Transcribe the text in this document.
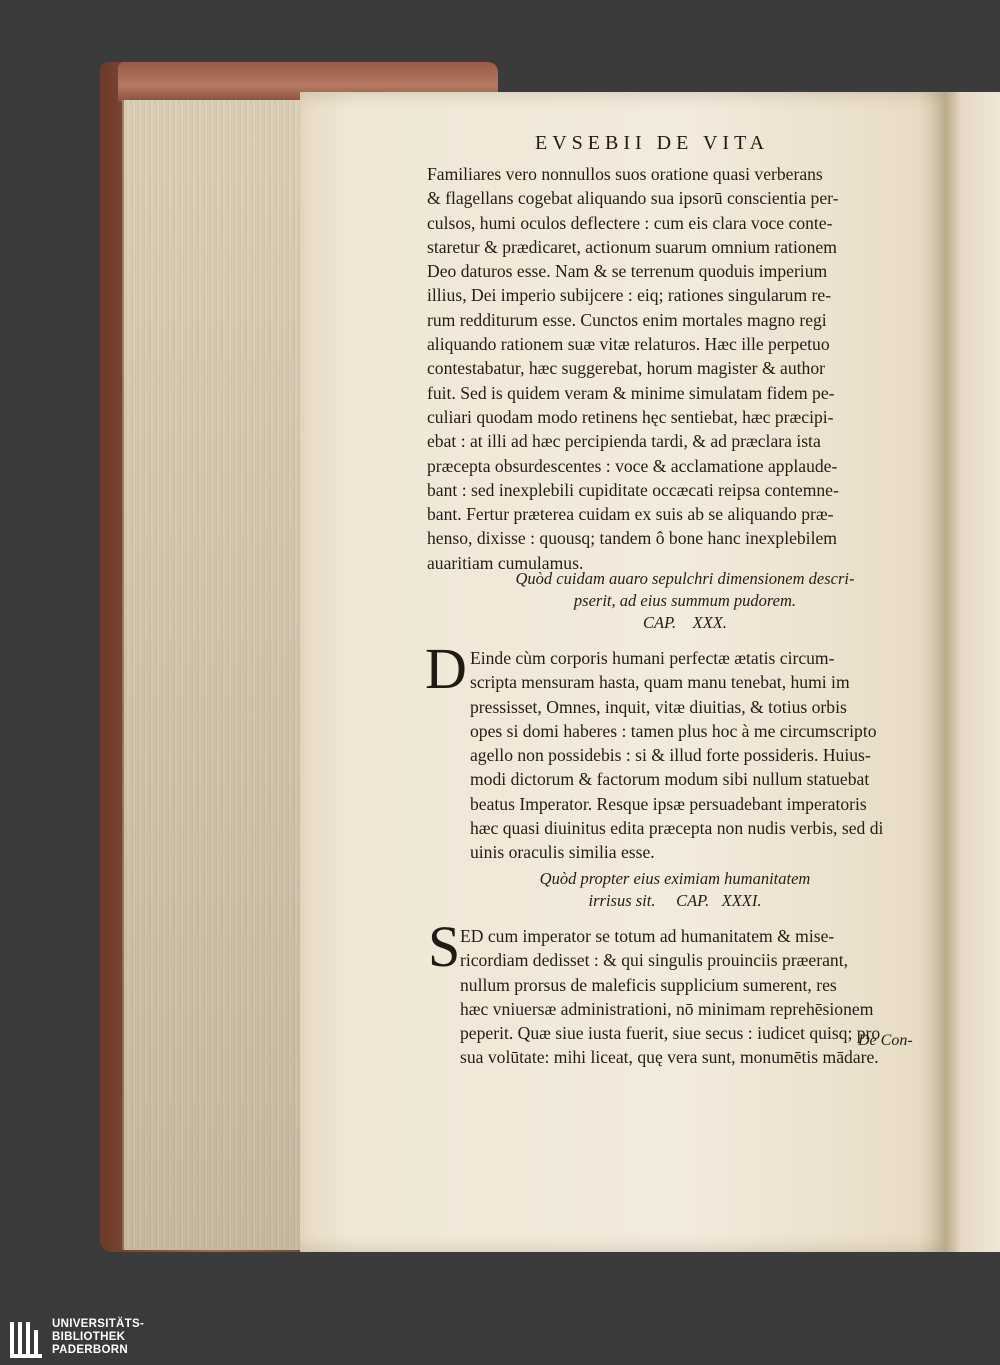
EVSEBII DE VITA
Familiares vero nonnullos suos oratione quasi verberans
& flagellans cogebat aliquando sua ipsorū conscientia per-
culsos, humi oculos deflectere : cum eis clara voce conte-
staretur & prædicaret, actionum suarum omnium rationem
Deo daturos esse. Nam & se terrenum quoduis imperium
illius, Dei imperio subijcere : eiq; rationes singularum re-
rum redditurum esse. Cunctos enim mortales magno regi
aliquando rationem suæ vitæ relaturos. Hæc ille perpetuo
contestabatur, hæc suggerebat, horum magister & author
fuit. Sed is quidem veram & minime simulatam fidem pe-
culiari quodam modo retinens hęc sentiebat, hæc præcipi-
ebat : at illi ad hæc percipienda tardi, & ad præclara ista
præcepta obsurdescentes : voce & acclamatione applaude-
bant : sed inexplebili cupiditate occæcati reipsa contemne-
bant. Fertur præterea cuidam ex suis ab se aliquando præ-
henso, dixisse : quousq; tandem ô bone hanc inexplebilem
auaritiam cumulamus.
Quòd cuidam auaro sepulchri dimensionem descri-
pserit, ad eius summum pudorem.
CAP.    XXX.
D Einde cùm corporis humani perfectæ ætatis circum-
scripta mensuram hasta, quam manu tenebat, humi im
pressisset, Omnes, inquit, vitæ diuitias, & totius orbis
opes si domi haberes : tamen plus hoc à me circumscripto
agello non possidebis : si & illud forte possideris. Huius-
modi dictorum & factorum modum sibi nullum statuebat
beatus Imperator. Resque ipsæ persuadebant imperatoris
hæc quasi diuinitus edita præcepta non nudis verbis, sed di
uinis oraculis similia esse.
Quòd propter eius eximiam humanitatem
irrisus sit.     CAP.   XXXI.
S ED cum imperator se totum ad humanitatem & mise-
ricordiam dedisset : & qui singulis prouinciis præerant,
nullum prorsus de maleficis supplicium sumerent, res
hæc vniuersæ administrationi, nō minimam reprehēsionem
peperit. Quæ siue iusta fuerit, siue secus : iudicet quisq; pro
sua volūtate: mihi liceat, quę vera sunt, monumētis mādare.
De Con-
UNIVERSITÄTS-
BIBLIOTHEK
PADERBORN
